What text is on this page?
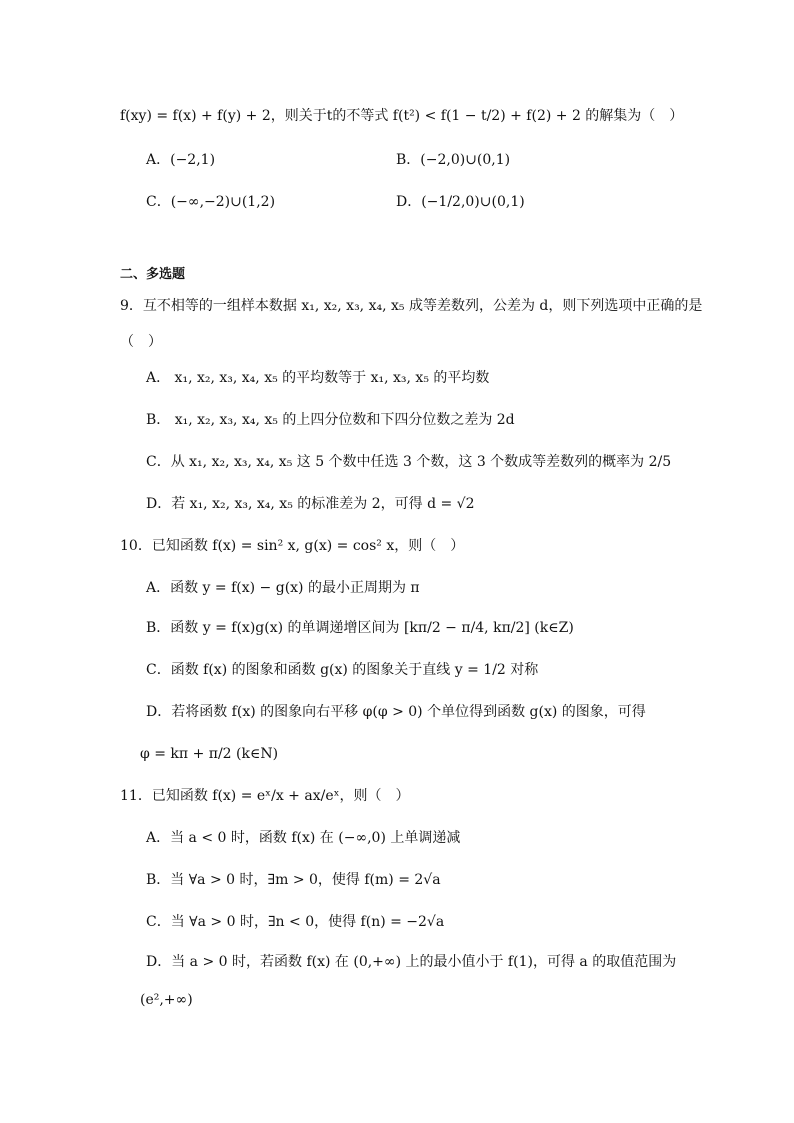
f(xy) = f(x) + f(y) + 2，则关于t的不等式 f(t²) < f(1 − t/2) + f(2) + 2 的解集为（　）
A．(−2,1)	B．(−2,0)∪(0,1)
C．(−∞,−2)∪(1,2)	D．(−1/2,0)∪(0,1)
二、多选题
9．互不相等的一组样本数据 x₁, x₂, x₃, x₄, x₅ 成等差数列，公差为 d，则下列选项中正确的是
（　）
A． x₁, x₂, x₃, x₄, x₅ 的平均数等于 x₁, x₃, x₅ 的平均数
B． x₁, x₂, x₃, x₄, x₅ 的上四分位数和下四分位数之差为 2d
C．从 x₁, x₂, x₃, x₄, x₅ 这 5 个数中任选 3 个数，这 3 个数成等差数列的概率为 2/5
D．若 x₁, x₂, x₃, x₄, x₅ 的标准差为 2，可得 d = √2
10．已知函数 f(x) = sin² x, g(x) = cos² x，则（　）
A．函数 y = f(x) − g(x) 的最小正周期为 π
B．函数 y = f(x)g(x) 的单调递增区间为 [kπ/2 − π/4, kπ/2] (k∈Z)
C．函数 f(x) 的图象和函数 g(x) 的图象关于直线 y = 1/2 对称
D．若将函数 f(x) 的图象向右平移 φ(φ > 0) 个单位得到函数 g(x) 的图象，可得
φ = kπ + π/2 (k∈N)
11．已知函数 f(x) = eˣ/x + ax/eˣ，则（　）
A．当 a < 0 时，函数 f(x) 在 (−∞,0) 上单调递减
B．当 ∀a > 0 时，∃m > 0，使得 f(m) = 2√a
C．当 ∀a > 0 时，∃n < 0，使得 f(n) = −2√a
D．当 a > 0 时，若函数 f(x) 在 (0,+∞) 上的最小值小于 f(1)，可得 a 的取值范围为
(e²,+∞)
